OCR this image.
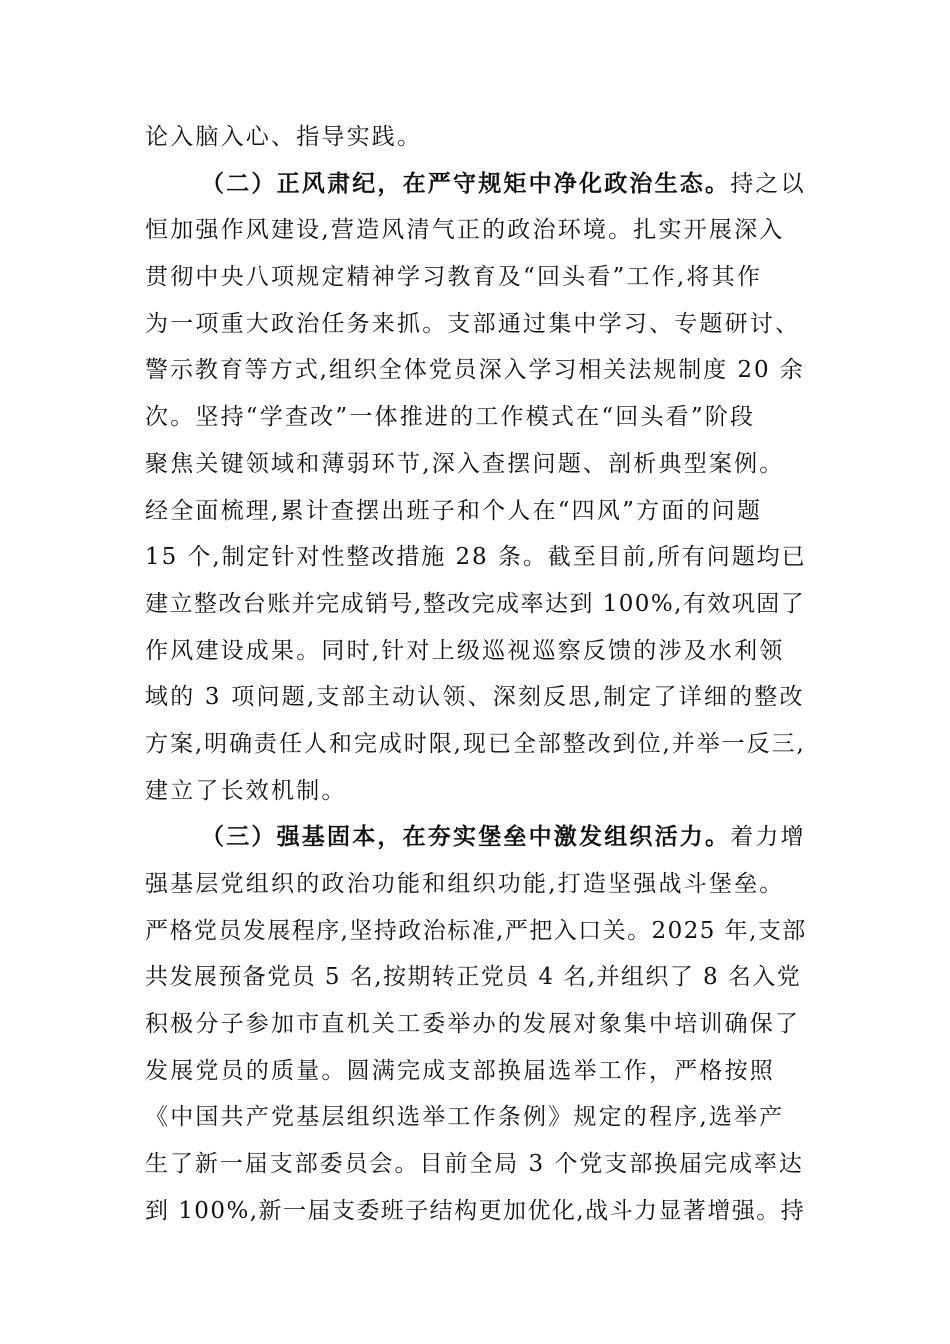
论入脑入心、指导实践。
（二）正风肃纪，在严守规矩中净化政治生态。持之以
恒加强作风建设,营造风清气正的政治环境。扎实开展深入
贯彻中央八项规定精神学习教育及“回头看”工作,将其作
为一项重大政治任务来抓。支部通过集中学习、专题研讨、
警示教育等方式,组织全体党员深入学习相关法规制度 20 余
次。坚持“学查改”一体推进的工作模式在“回头看”阶段
聚焦关键领域和薄弱环节,深入查摆问题、剖析典型案例。
经全面梳理,累计查摆出班子和个人在“四风”方面的问题
15 个,制定针对性整改措施 28 条。截至目前,所有问题均已
建立整改台账并完成销号,整改完成率达到 100%,有效巩固了
作风建设成果。同时,针对上级巡视巡察反馈的涉及水利领
域的 3 项问题,支部主动认领、深刻反思,制定了详细的整改
方案,明确责任人和完成时限,现已全部整改到位,并举一反三,
建立了长效机制。
（三）强基固本，在夯实堡垒中激发组织活力。着力增
强基层党组织的政治功能和组织功能,打造坚强战斗堡垒。
严格党员发展程序,坚持政治标准,严把入口关。2025 年,支部
共发展预备党员 5 名,按期转正党员 4 名,并组织了 8 名入党
积极分子参加市直机关工委举办的发展对象集中培训确保了
发展党员的质量。圆满完成支部换届选举工作，严格按照
《中国共产党基层组织选举工作条例》规定的程序,选举产
生了新一届支部委员会。目前全局 3 个党支部换届完成率达
到 100%,新一届支委班子结构更加优化,战斗力显著增强。持
